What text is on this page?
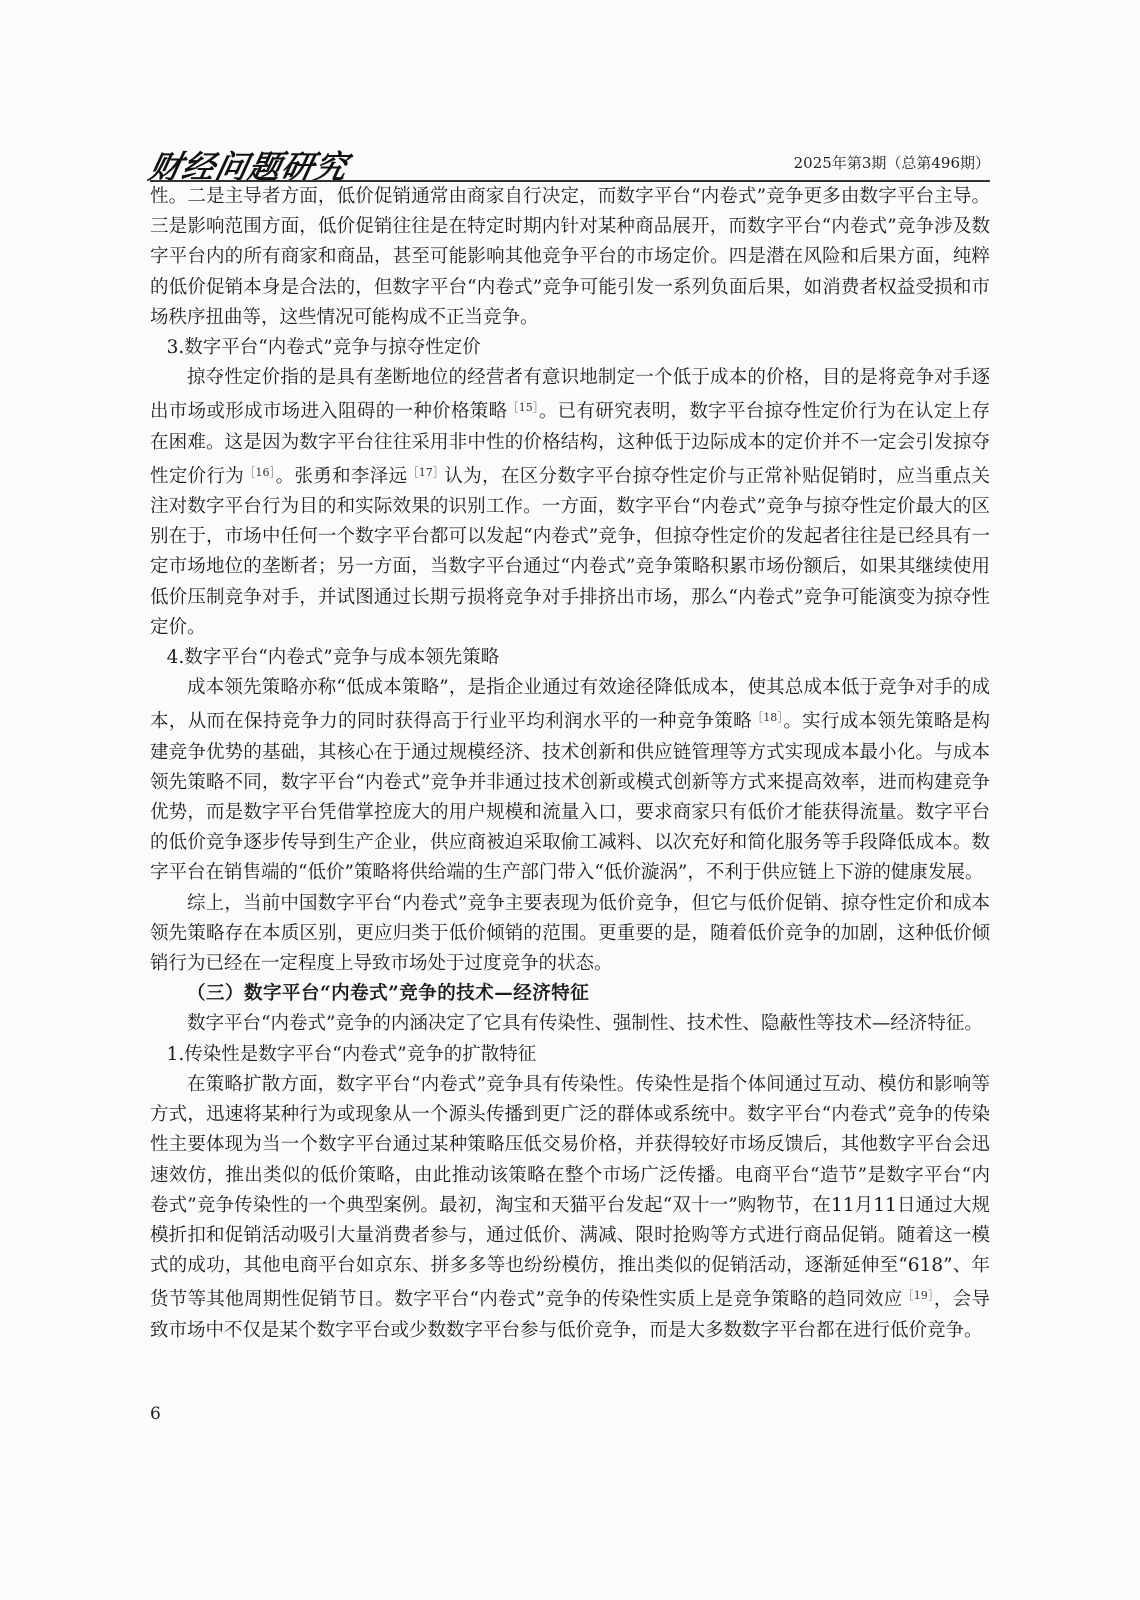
财经问题研究	2025年第3期（总第496期）

性。二是主导者方面，低价促销通常由商家自行决定，而数字平台“内卷式”竞争更多由数字平台主导。三是影响范围方面，低价促销往往是在特定时期内针对某种商品展开，而数字平台“内卷式”竞争涉及数字平台内的所有商家和商品，甚至可能影响其他竞争平台的市场定价。四是潜在风险和后果方面，纯粹的低价促销本身是合法的，但数字平台“内卷式”竞争可能引发一系列负面后果，如消费者权益受损和市场秩序扭曲等，这些情况可能构成不正当竞争。

3.数字平台“内卷式”竞争与掠夺性定价

掠夺性定价指的是具有垄断地位的经营者有意识地制定一个低于成本的价格，目的是将竞争对手逐出市场或形成市场进入阻碍的一种价格策略$^{[15]}$。已有研究表明，数字平台掠夺性定价行为在认定上存在困难。这是因为数字平台往往采用非中性的价格结构，这种低于边际成本的定价并不一定会引发掠夺性定价行为$^{[16]}$。张勇和李泽远$^{[17]}$认为，在区分数字平台掠夺性定价与正常补贴促销时，应当重点关注对数字平台行为目的和实际效果的识别工作。一方面，数字平台“内卷式”竞争与掠夺性定价最大的区别在于，市场中任何一个数字平台都可以发起“内卷式”竞争，但掠夺性定价的发起者往往是已经具有一定市场地位的垄断者；另一方面，当数字平台通过“内卷式”竞争策略积累市场份额后，如果其继续使用低价压制竞争对手，并试图通过长期亏损将竞争对手排挤出市场，那么“内卷式”竞争可能演变为掠夺性定价。

4.数字平台“内卷式”竞争与成本领先策略

成本领先策略亦称“低成本策略”，是指企业通过有效途径降低成本，使其总成本低于竞争对手的成本，从而在保持竞争力的同时获得高于行业平均利润水平的一种竞争策略$^{[18]}$。实行成本领先策略是构建竞争优势的基础，其核心在于通过规模经济、技术创新和供应链管理等方式实现成本最小化。与成本领先策略不同，数字平台“内卷式”竞争并非通过技术创新或模式创新等方式来提高效率，进而构建竞争优势，而是数字平台凭借掌控庞大的用户规模和流量入口，要求商家只有低价才能获得流量。数字平台的低价竞争逐步传导到生产企业，供应商被迫采取偷工减料、以次充好和简化服务等手段降低成本。数字平台在销售端的“低价”策略将供给端的生产部门带入“低价漩涡”，不利于供应链上下游的健康发展。

综上，当前中国数字平台“内卷式”竞争主要表现为低价竞争，但它与低价促销、掠夺性定价和成本领先策略存在本质区别，更应归类于低价倾销的范围。更重要的是，随着低价竞争的加剧，这种低价倾销行为已经在一定程度上导致市场处于过度竞争的状态。

（三）数字平台“内卷式”竞争的技术—经济特征

数字平台“内卷式”竞争的内涵决定了它具有传染性、强制性、技术性、隐蔽性等技术—经济特征。

1.传染性是数字平台“内卷式”竞争的扩散特征

在策略扩散方面，数字平台“内卷式”竞争具有传染性。传染性是指个体间通过互动、模仿和影响等方式，迅速将某种行为或现象从一个源头传播到更广泛的群体或系统中。数字平台“内卷式”竞争的传染性主要体现为当一个数字平台通过某种策略压低交易价格，并获得较好市场反馈后，其他数字平台会迅速效仿，推出类似的低价策略，由此推动该策略在整个市场广泛传播。电商平台“造节”是数字平台“内卷式”竞争传染性的一个典型案例。最初，淘宝和天猫平台发起“双十一”购物节，在11月11日通过大规模折扣和促销活动吸引大量消费者参与，通过低价、满减、限时抢购等方式进行商品促销。随着这一模式的成功，其他电商平台如京东、拼多多等也纷纷模仿，推出类似的促销活动，逐渐延伸至“618”、年货节等其他周期性促销节日。数字平台“内卷式”竞争的传染性实质上是竞争策略的趋同效应$^{[19]}$，会导致市场中不仅是某个数字平台或少数数字平台参与低价竞争，而是大多数数字平台都在进行低价竞争。

6
